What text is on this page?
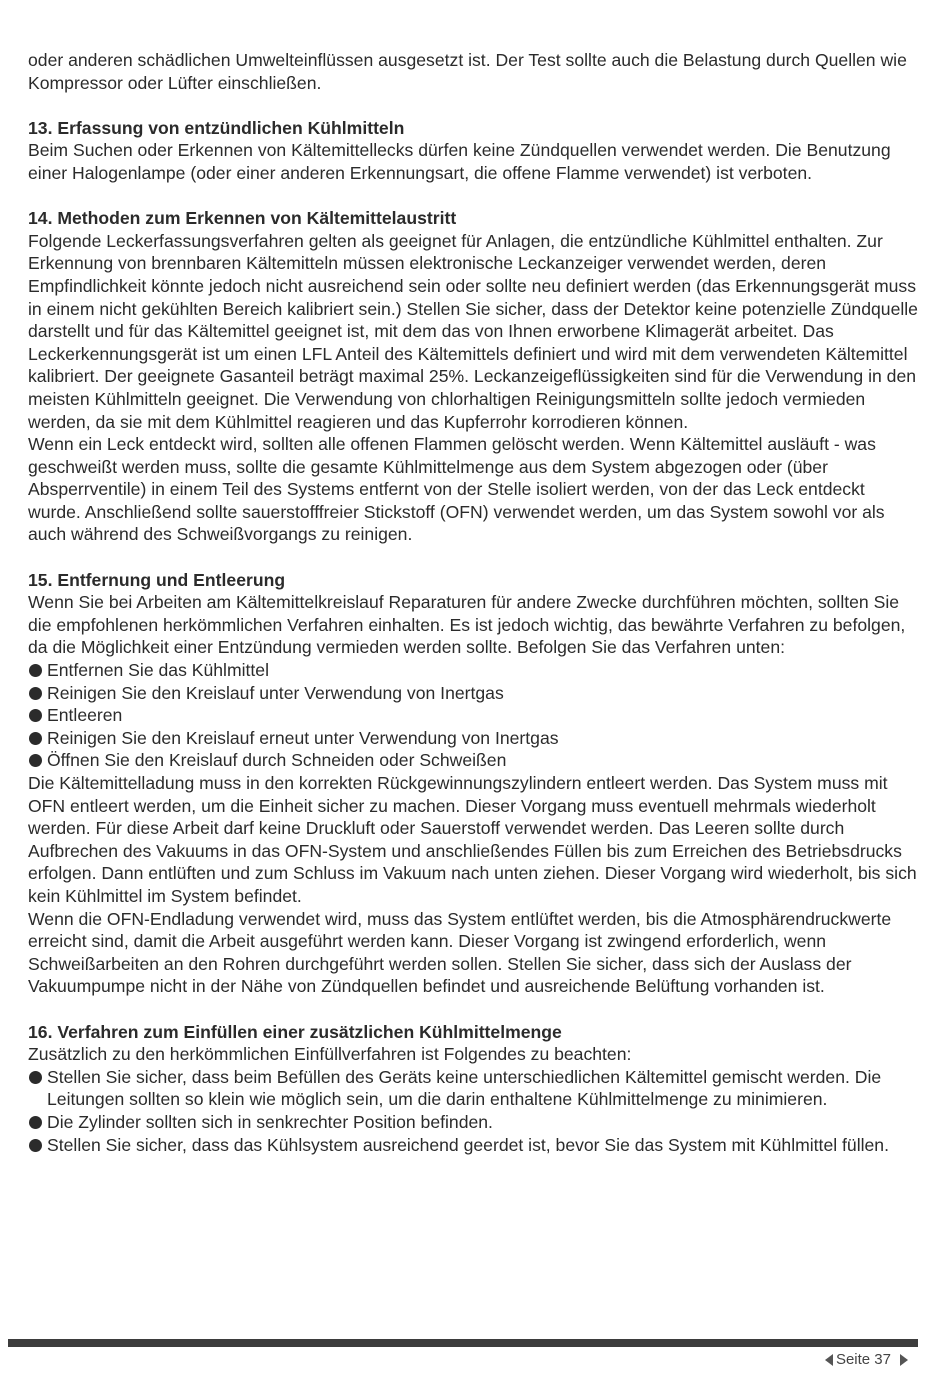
oder anderen schädlichen Umwelteinflüssen ausgesetzt ist. Der Test sollte auch die Belastung durch Quellen wie Kompressor oder Lüfter einschließen.

13. Erfassung von entzündlichen Kühlmitteln

Beim Suchen oder Erkennen von Kältemittellecks dürfen keine Zündquellen verwendet werden. Die Benutzung einer Halogenlampe (oder einer anderen Erkennungsart, die offene Flamme verwendet) ist verboten.

14. Methoden zum Erkennen von Kältemittelaustritt

Folgende Leckerfassungsverfahren gelten als geeignet für Anlagen, die entzündliche Kühlmittel enthalten. Zur Erkennung von brennbaren Kältemitteln müssen elektronische Leckanzeiger verwendet werden, deren Empfindlichkeit könnte jedoch nicht ausreichend sein oder sollte neu definiert werden (das Erkennungsgerät muss in einem nicht gekühlten Bereich kalibriert sein.) Stellen Sie sicher, dass der Detektor keine potenzielle Zündquelle darstellt und für das Kältemittel geeignet ist, mit dem das von Ihnen erworbene Klimagerät arbeitet. Das Leckerkennungsgerät ist um einen LFL Anteil des Kältemittels definiert und wird mit dem verwendeten Kältemittel kalibriert. Der geeignete Gasanteil beträgt maximal 25%. Leckanzeigeflüssigkeiten sind für die Verwendung in den meisten Kühlmitteln geeignet. Die Verwendung von chlorhaltigen Reinigungsmitteln sollte jedoch vermieden werden, da sie mit dem Kühlmittel reagieren und das Kupferrohr korrodieren können.

Wenn ein Leck entdeckt wird, sollten alle offenen Flammen gelöscht werden. Wenn Kältemittel ausläuft - was geschweißt werden muss, sollte die gesamte Kühlmittelmenge aus dem System abgezogen oder (über Absperrventile) in einem Teil des Systems entfernt von der Stelle isoliert werden, von der das Leck entdeckt wurde. Anschließend sollte sauerstofffreier Stickstoff (OFN) verwendet werden, um das System sowohl vor als auch während des Schweißvorgangs zu reinigen.

15. Entfernung und Entleerung

Wenn Sie bei Arbeiten am Kältemittelkreislauf Reparaturen für andere Zwecke durchführen möchten, sollten Sie die empfohlenen herkömmlichen Verfahren einhalten. Es ist jedoch wichtig, das bewährte Verfahren zu befolgen, da die Möglichkeit einer Entzündung vermieden werden sollte. Befolgen Sie das Verfahren unten:

Entfernen Sie das Kühlmittel
Reinigen Sie den Kreislauf unter Verwendung von Inertgas
Entleeren
Reinigen Sie den Kreislauf erneut unter Verwendung von Inertgas
Öffnen Sie den Kreislauf durch Schneiden oder Schweißen

Die Kältemittelladung muss in den korrekten Rückgewinnungszylindern entleert werden. Das System muss mit OFN entleert werden, um die Einheit sicher zu machen. Dieser Vorgang muss eventuell mehrmals wiederholt werden. Für diese Arbeit darf keine Druckluft oder Sauerstoff verwendet werden. Das Leeren sollte durch Aufbrechen des Vakuums in das OFN-System und anschließendes Füllen bis zum Erreichen des Betriebsdrucks erfolgen. Dann entlüften und zum Schluss im Vakuum nach unten ziehen. Dieser Vorgang wird wiederholt, bis sich kein Kühlmittel im System befindet.

Wenn die OFN-Endladung verwendet wird, muss das System entlüftet werden, bis die Atmosphärendruckwerte erreicht sind, damit die Arbeit ausgeführt werden kann. Dieser Vorgang ist zwingend erforderlich, wenn Schweißarbeiten an den Rohren durchgeführt werden sollen. Stellen Sie sicher, dass sich der Auslass der Vakuumpumpe nicht in der Nähe von Zündquellen befindet und ausreichende Belüftung vorhanden ist.

16. Verfahren zum Einfüllen einer zusätzlichen Kühlmittelmenge

Zusätzlich zu den herkömmlichen Einfüllverfahren ist Folgendes zu beachten:

Stellen Sie sicher, dass beim Befüllen des Geräts keine unterschiedlichen Kältemittel gemischt werden. Die Leitungen sollten so klein wie möglich sein, um die darin enthaltene Kühlmittelmenge zu minimieren.
Die Zylinder sollten sich in senkrechter Position befinden.
Stellen Sie sicher, dass das Kühlsystem ausreichend geerdet ist, bevor Sie das System mit Kühlmittel füllen.
Seite 37
